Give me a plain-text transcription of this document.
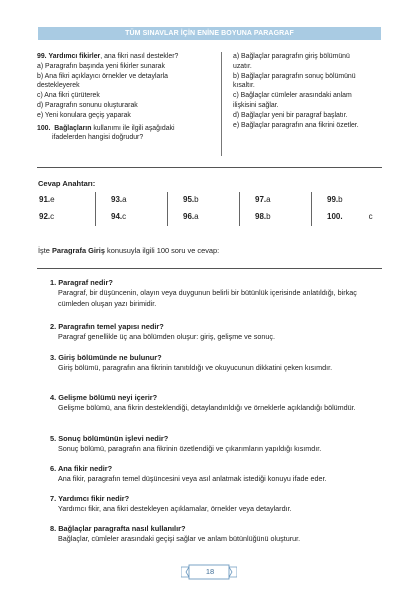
TÜM SINAVLAR İÇİN ENİNE BOYUNA PARAGRAF
99. Yardımcı fikirler, ana fikri nasıl destekler?
a) Paragrafın başında yeni fikirler sunarak
b) Ana fikri açıklayıcı örnekler ve detaylarla
destekleyerek
c) Ana fikri çürüterek
d) Paragrafın sonunu oluşturarak
e) Yeni konulara geçiş yaparak
100. Bağlaçların kullanımı ile ilgili aşağıdaki
ifadelerden hangisi doğrudur?
a) Bağlaçlar paragrafın giriş bölümünü
uzatır.
b) Bağlaçlar paragrafın sonuç bölümünü
kısaltır.
c) Bağlaçlar cümleler arasındaki anlam
ilişkisini sağlar.
d) Bağlaçlar yeni bir paragraf başlatır.
e) Bağlaçlar paragrafın ana fikrini özetler.
Cevap Anahtarı:
91.e	93.a	95.b	97.a	99.b
92.c	94.c	96.a	98.b	100.	c
İşte Paragrafa Giriş konusuyla ilgili 100 soru ve cevap:
1. Paragraf nedir?
Paragraf, bir düşüncenin, olayın veya duygunun belirli bir bütünlük içerisinde anlatıldığı, birkaç cümleden oluşan yazı birimidir.
2. Paragrafın temel yapısı nedir?
Paragraf genellikle üç ana bölümden oluşur: giriş, gelişme ve sonuç.
3. Giriş bölümünde ne bulunur?
Giriş bölümü, paragrafın ana fikrinin tanıtıldığı ve okuyucunun dikkatini çeken kısımdır.
4. Gelişme bölümü neyi içerir?
Gelişme bölümü, ana fikrin desteklendiği, detaylandırıldığı ve örneklerle açıklandığı bölümdür.
5. Sonuç bölümünün işlevi nedir?
Sonuç bölümü, paragrafın ana fikrinin özetlendiği ve çıkarımların yapıldığı kısımdır.
6. Ana fikir nedir?
Ana fikir, paragrafın temel düşüncesini veya asıl anlatmak istediği konuyu ifade eder.
7. Yardımcı fikir nedir?
Yardımcı fikir, ana fikri destekleyen açıklamalar, örnekler veya detaylardır.
8. Bağlaçlar paragrafta nasıl kullanılır?
Bağlaçlar, cümleler arasındaki geçişi sağlar ve anlam bütünlüğünü oluşturur.
18
